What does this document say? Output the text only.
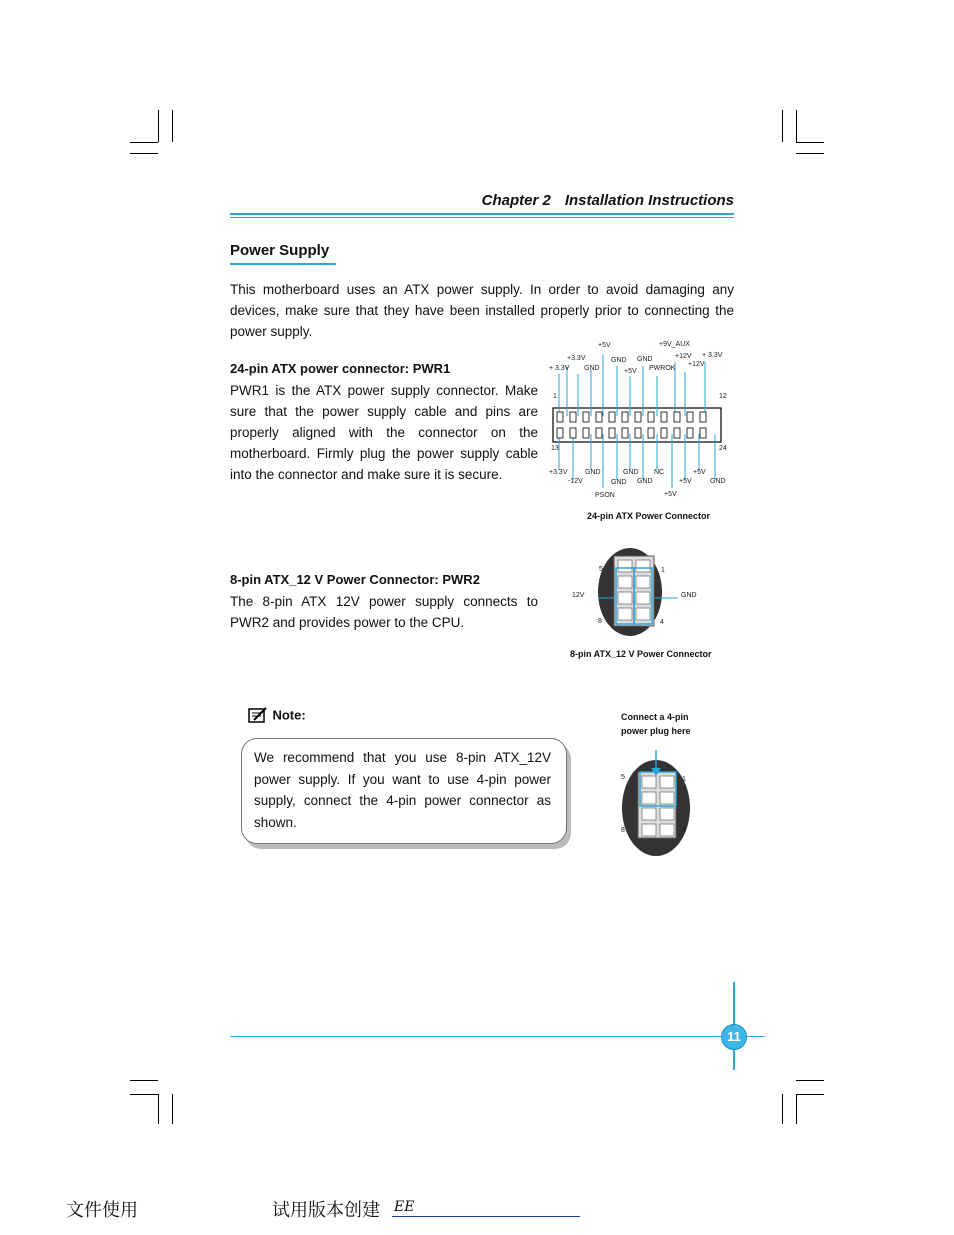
Chapter 2 Installation Instructions
Power Supply
This motherboard uses an ATX power supply. In order to avoid damaging any devices, make sure that they have been installed properly prior to connecting the power supply.
24-pin ATX power connector: PWR1
PWR1 is the ATX power supply connector. Make sure that the power supply cable and pins are properly aligned with the connector on the motherboard. Firmly plug the power supply cable into the connector and make sure it is secure.
+5V	+9V_AUX
+3.3V	GND GND	+12V + 3.3V
+ 3.3V GND	+5V PWROK
+12V
1	12
13	24
+3.3V	GND	GND NC	+5V
-12V	GND GND	+5V	GND
PSON	+5V
24-pin ATX Power Connector
8-pin ATX_12 V Power Connector: PWR2
The 8-pin ATX 12V power supply connects to PWR2 and provides power to the CPU.
5	1
12V	GND
8	4
8-pin ATX_12 V Power Connector
Note:
We recommend that you use 8-pin ATX_12V power supply. If you want to use 4-pin power supply, connect the 4-pin power connector as shown.
Connect a 4-pin
power plug here
5	1
8	4
11
文件使用	试用版本创建 EE
